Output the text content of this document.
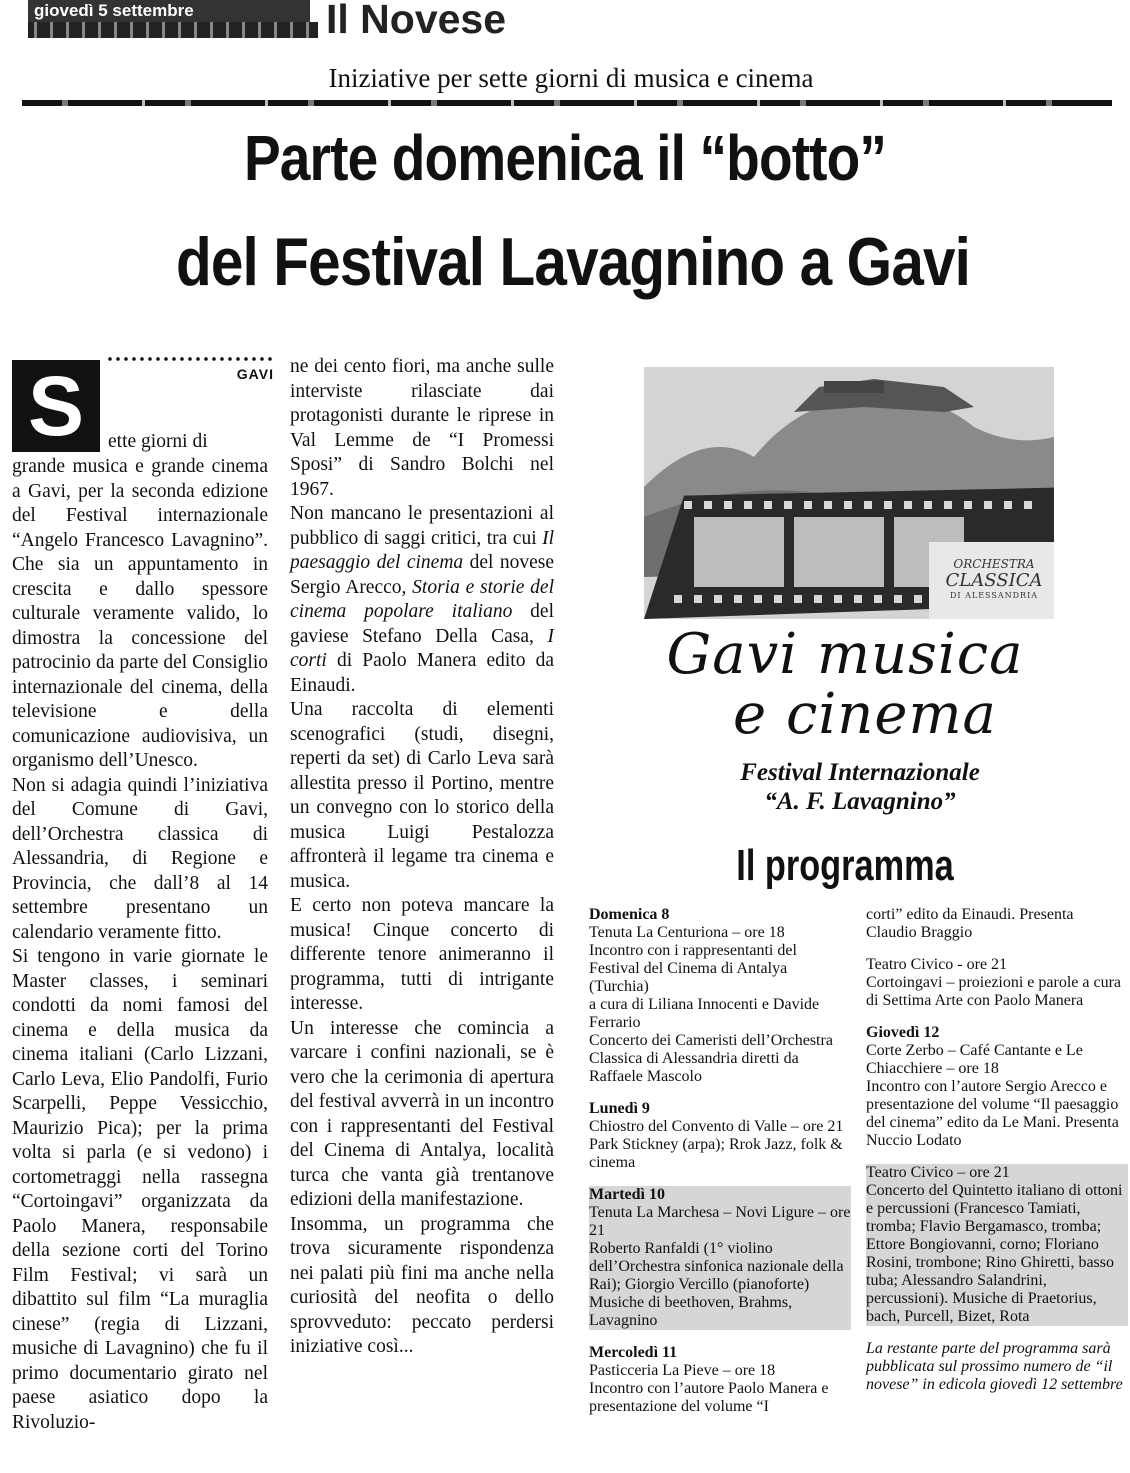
giovedì 5 settembre	Il Novese
Iniziative per sette giorni di musica e cinema
Parte domenica il “botto”
del Festival Lavagnino a Gavi
GAVI
S	ette giorni di

grande musica e grande cinema a Gavi, per la seconda edizione del Festival internazionale “Angelo Francesco Lavagnino”. Che sia un appuntamento in crescita e dallo spessore culturale veramente valido, lo dimostra la concessione del patrocinio da parte del Consiglio internazionale del cinema, della televisione e della comunicazione audiovisiva, un organismo dell’Unesco.

Non si adagia quindi l’iniziativa del Comune di Gavi, dell’Orchestra classica di Alessandria, di Regione e Provincia, che dall’8 al 14 settembre presentano un calendario veramente fitto.

Si tengono in varie giornate le Master classes, i seminari condotti da nomi famosi del cinema e della musica da cinema italiani (Carlo Lizzani, Carlo Leva, Elio Pandolfi, Furio Scarpelli, Peppe Vessicchio, Maurizio Pica); per la prima volta si parla (e si vedono) i cortometraggi nella rassegna “Cortoingavi” organizzata da Paolo Manera, responsabile della sezione corti del Torino Film Festival; vi sarà un dibattito sul film “La muraglia cinese” (regia di Lizzani, musiche di Lavagnino) che fu il primo documentario girato nel paese asiatico dopo la Rivoluzio-

ne dei cento fiori, ma anche sulle interviste rilasciate dai protagonisti durante le riprese in Val Lemme de “I Promessi Sposi” di Sandro Bolchi nel 1967.

Non mancano le presentazioni al pubblico di saggi critici, tra cui Il paesaggio del cinema del novese Sergio Arecco, Storia e storie del cinema popolare italiano del gaviese Stefano Della Casa, I corti di Paolo Manera edito da Einaudi.

Una raccolta di elementi scenografici (studi, disegni, reperti da set) di Carlo Leva sarà allestita presso il Portino, mentre un convegno con lo storico della musica Luigi Pestalozza affronterà il legame tra cinema e musica.

E certo non poteva mancare la musica! Cinque concerto di differente tenore animeranno il programma, tutti di intrigante interesse.

Un interesse che comincia a varcare i confini nazionali, se è vero che la cerimonia di apertura del festival avverrà in un incontro con i rappresentanti del Festival del Cinema di Antalya, località turca che vanta già trentanove edizioni della manifestazione.

Insomma, un programma che trova sicuramente rispondenza nei palati più fini ma anche nella curiosità del neofita o dello sprovveduto: peccato perdersi iniziative così...

ORCHESTRA
CLASSICA
DI ALESSANDRIA
Gavi musica
e cinema
Festival Internazionale
“A. F. Lavagnino”
Il programma
Domenica 8
Tenuta La Centuriona – ore 18
Incontro con i rappresentanti del Festival del Cinema di Antalya (Turchia)
a cura di Liliana Innocenti e Davide Ferrario
Concerto dei Cameristi dell’Orchestra Classica di Alessandria diretti da Raffaele Mascolo
Lunedì 9
Chiostro del Convento di Valle – ore 21
Park Stickney (arpa); Rrok Jazz, folk & cinema
Martedì 10
Tenuta La Marchesa – Novi Ligure – ore 21
Roberto Ranfaldi (1° violino dell’Orchestra sinfonica nazionale della Rai); Giorgio Vercillo (pianoforte)
Musiche di beethoven, Brahms, Lavagnino
Mercoledì 11
Pasticceria La Pieve – ore 18
Incontro con l’autore Paolo Manera e presentazione del volume “I
corti” edito da Einaudi. Presenta Claudio Braggio
Teatro Civico - ore 21
Cortoingavi – proiezioni e parole a cura di Settima Arte con Paolo Manera
Giovedì 12
Corte Zerbo – Café Cantante e Le Chiacchiere – ore 18
Incontro con l’autore Sergio Arecco e presentazione del volume “Il paesaggio del cinema” edito da Le Mani. Presenta Nuccio Lodato
Teatro Civico – ore 21
Concerto del Quintetto italiano di ottoni e percussioni (Francesco Tamiati, tromba; Flavio Bergamasco, tromba; Ettore Bongiovanni, corno; Floriano Rosini, trombone; Rino Ghiretti, basso tuba; Alessandro Salandrini, percussioni). Musiche di Praetorius, bach, Purcell, Bizet, Rota
La restante parte del programma sarà pubblicata sul prossimo numero de “il novese” in edicola giovedì 12 settembre
